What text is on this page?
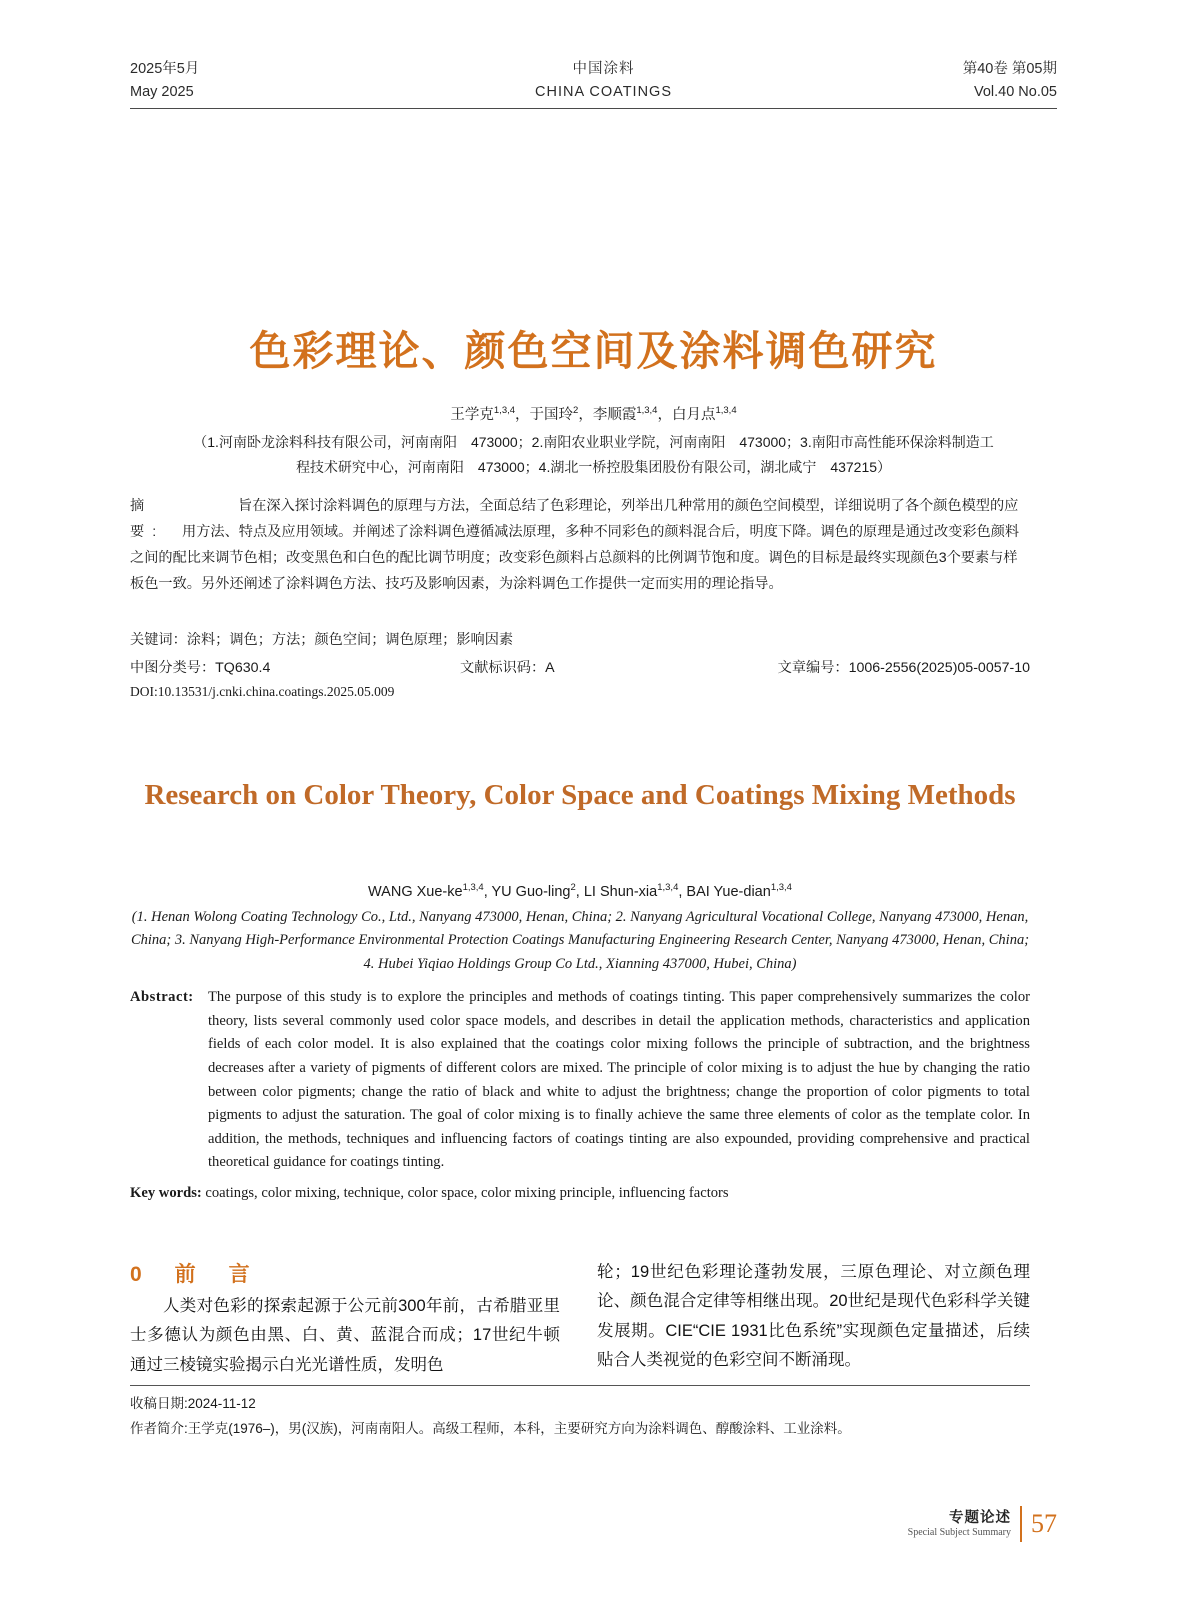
2025年5月	中国涂料	第40卷 第05期
May 2025	CHINA COATINGS	Vol.40 No.05
色彩理论、颜色空间及涂料调色研究
王学克$^{1,3,4}$，于国玲$^2$，李顺霞$^{1,3,4}$，白月点$^{1,3,4}$
（1.河南卧龙涂料科技有限公司，河南南阳　473000；2.南阳农业职业学院，河南南阳　473000；3.南阳市高性能环保涂料制造工
程技术研究中心，河南南阳　473000；4.湖北一桥控股集团股份有限公司，湖北咸宁　437215）
摘要:
旨在深入探讨涂料调色的原理与方法，全面总结了色彩理论，列举出几种常用的颜色空间模型，详细说明了各个颜色模型的应用方法、特点及应用领域。并阐述了涂料调色遵循减法原理，多种不同彩色的颜料混合后，明度下降。调色的原理是通过改变彩色颜料之间的配比来调节色相；改变黑色和白色的配比调节明度；改变彩色颜料占总颜料的比例调节饱和度。调色的目标是最终实现颜色3个要素与样板色一致。另外还阐述了涂料调色方法、技巧及影响因素，为涂料调色工作提供一定而实用的理论指导。
关键词：涂料；调色；方法；颜色空间；调色原理；影响因素
中图分类号：TQ630.4	文献标识码：A	文章编号：1006-2556(2025)05-0057-10
DOI:10.13531/j.cnki.china.coatings.2025.05.009
Research on Color Theory, Color Space and Coatings Mixing Methods
WANG Xue-ke$^{1,3,4}$, YU Guo-ling$^2$, LI Shun-xia$^{1,3,4}$, BAI Yue-dian$^{1,3,4}$
(1. Henan Wolong Coating Technology Co., Ltd., Nanyang 473000, Henan, China; 2. Nanyang Agricultural Vocational College, Nanyang 473000, Henan, China; 3. Nanyang High-Performance Environmental Protection Coatings Manufacturing Engineering Research Center, Nanyang 473000, Henan, China; 4. Hubei Yiqiao Holdings Group Co Ltd., Xianning 437000, Hubei, China)
Abstract: The purpose of this study is to explore the principles and methods of coatings tinting. This paper comprehensively summarizes the color theory, lists several commonly used color space models, and describes in detail the application methods, characteristics and application fields of each color model. It is also explained that the coatings color mixing follows the principle of subtraction, and the brightness decreases after a variety of pigments of different colors are mixed. The principle of color mixing is to adjust the hue by changing the ratio between color pigments; change the ratio of black and white to adjust the brightness; change the proportion of color pigments to total pigments to adjust the saturation. The goal of color mixing is to finally achieve the same three elements of color as the template color. In addition, the methods, techniques and influencing factors of coatings tinting are also expounded, providing comprehensive and practical theoretical guidance for coatings tinting.
Key words: coatings, color mixing, technique, color space, color mixing principle, influencing factors
0　前　言
人类对色彩的探索起源于公元前300年前，古希腊亚里士多德认为颜色由黑、白、黄、蓝混合而成；17世纪牛顿通过三棱镜实验揭示白光光谱性质，发明色
轮；19世纪色彩理论蓬勃发展，三原色理论、对立颜色理论、颜色混合定律等相继出现。20世纪是现代色彩科学关键发展期。CIE“CIE 1931比色系统”实现颜色定量描述，后续贴合人类视觉的色彩空间不断涌现。
收稿日期:2024-11-12
作者简介:王学克(1976–)，男(汉族)，河南南阳人。高级工程师，本科，主要研究方向为涂料调色、醇酸涂料、工业涂料。
专题论述
Special Subject Summary 57
